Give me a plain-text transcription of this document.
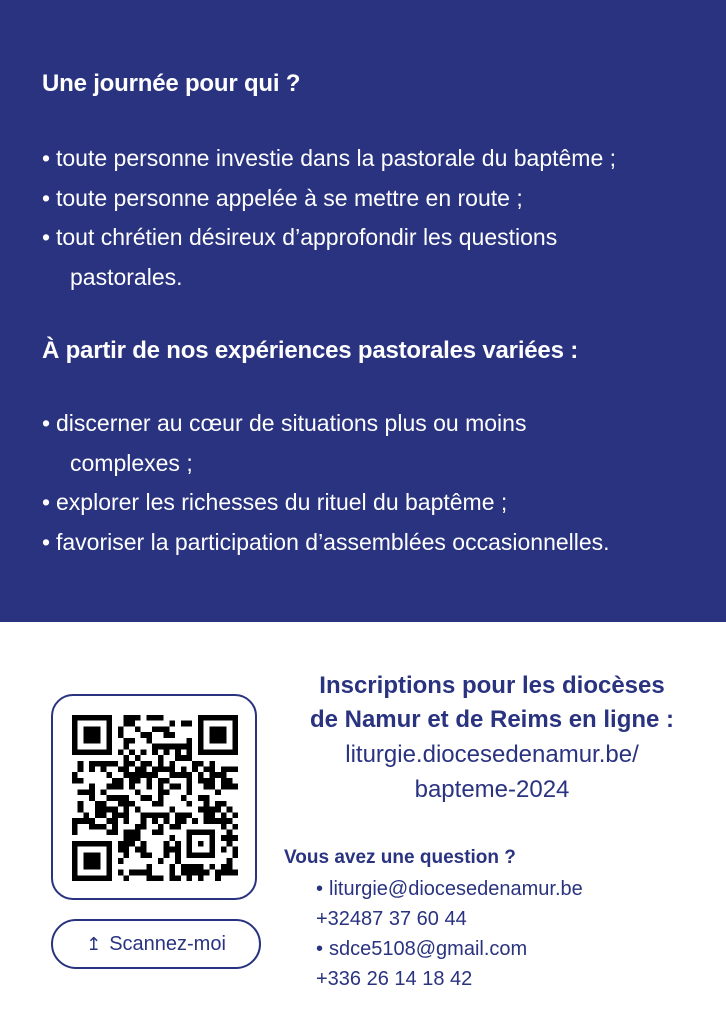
Une journée pour qui ?
• toute personne investie dans la pastorale du baptême ;
• toute personne appelée à se mettre en route ;
• tout chrétien désireux d’approfondir les questions
pastorales.
À partir de nos expériences pastorales variées :
• discerner au cœur de situations plus ou moins
complexes ;
• explorer les richesses du rituel du baptême ;
• favoriser la participation d’assemblées occasionnelles.
↥ Scannez-moi
Inscriptions pour les diocèses
de Namur et de Reims en ligne :
liturgie.diocesedenamur.be/
bapteme-2024
Vous avez une question ?
• liturgie@diocesedenamur.be
+32487 37 60 44
• sdce5108@gmail.com
+336 26 14 18 42
